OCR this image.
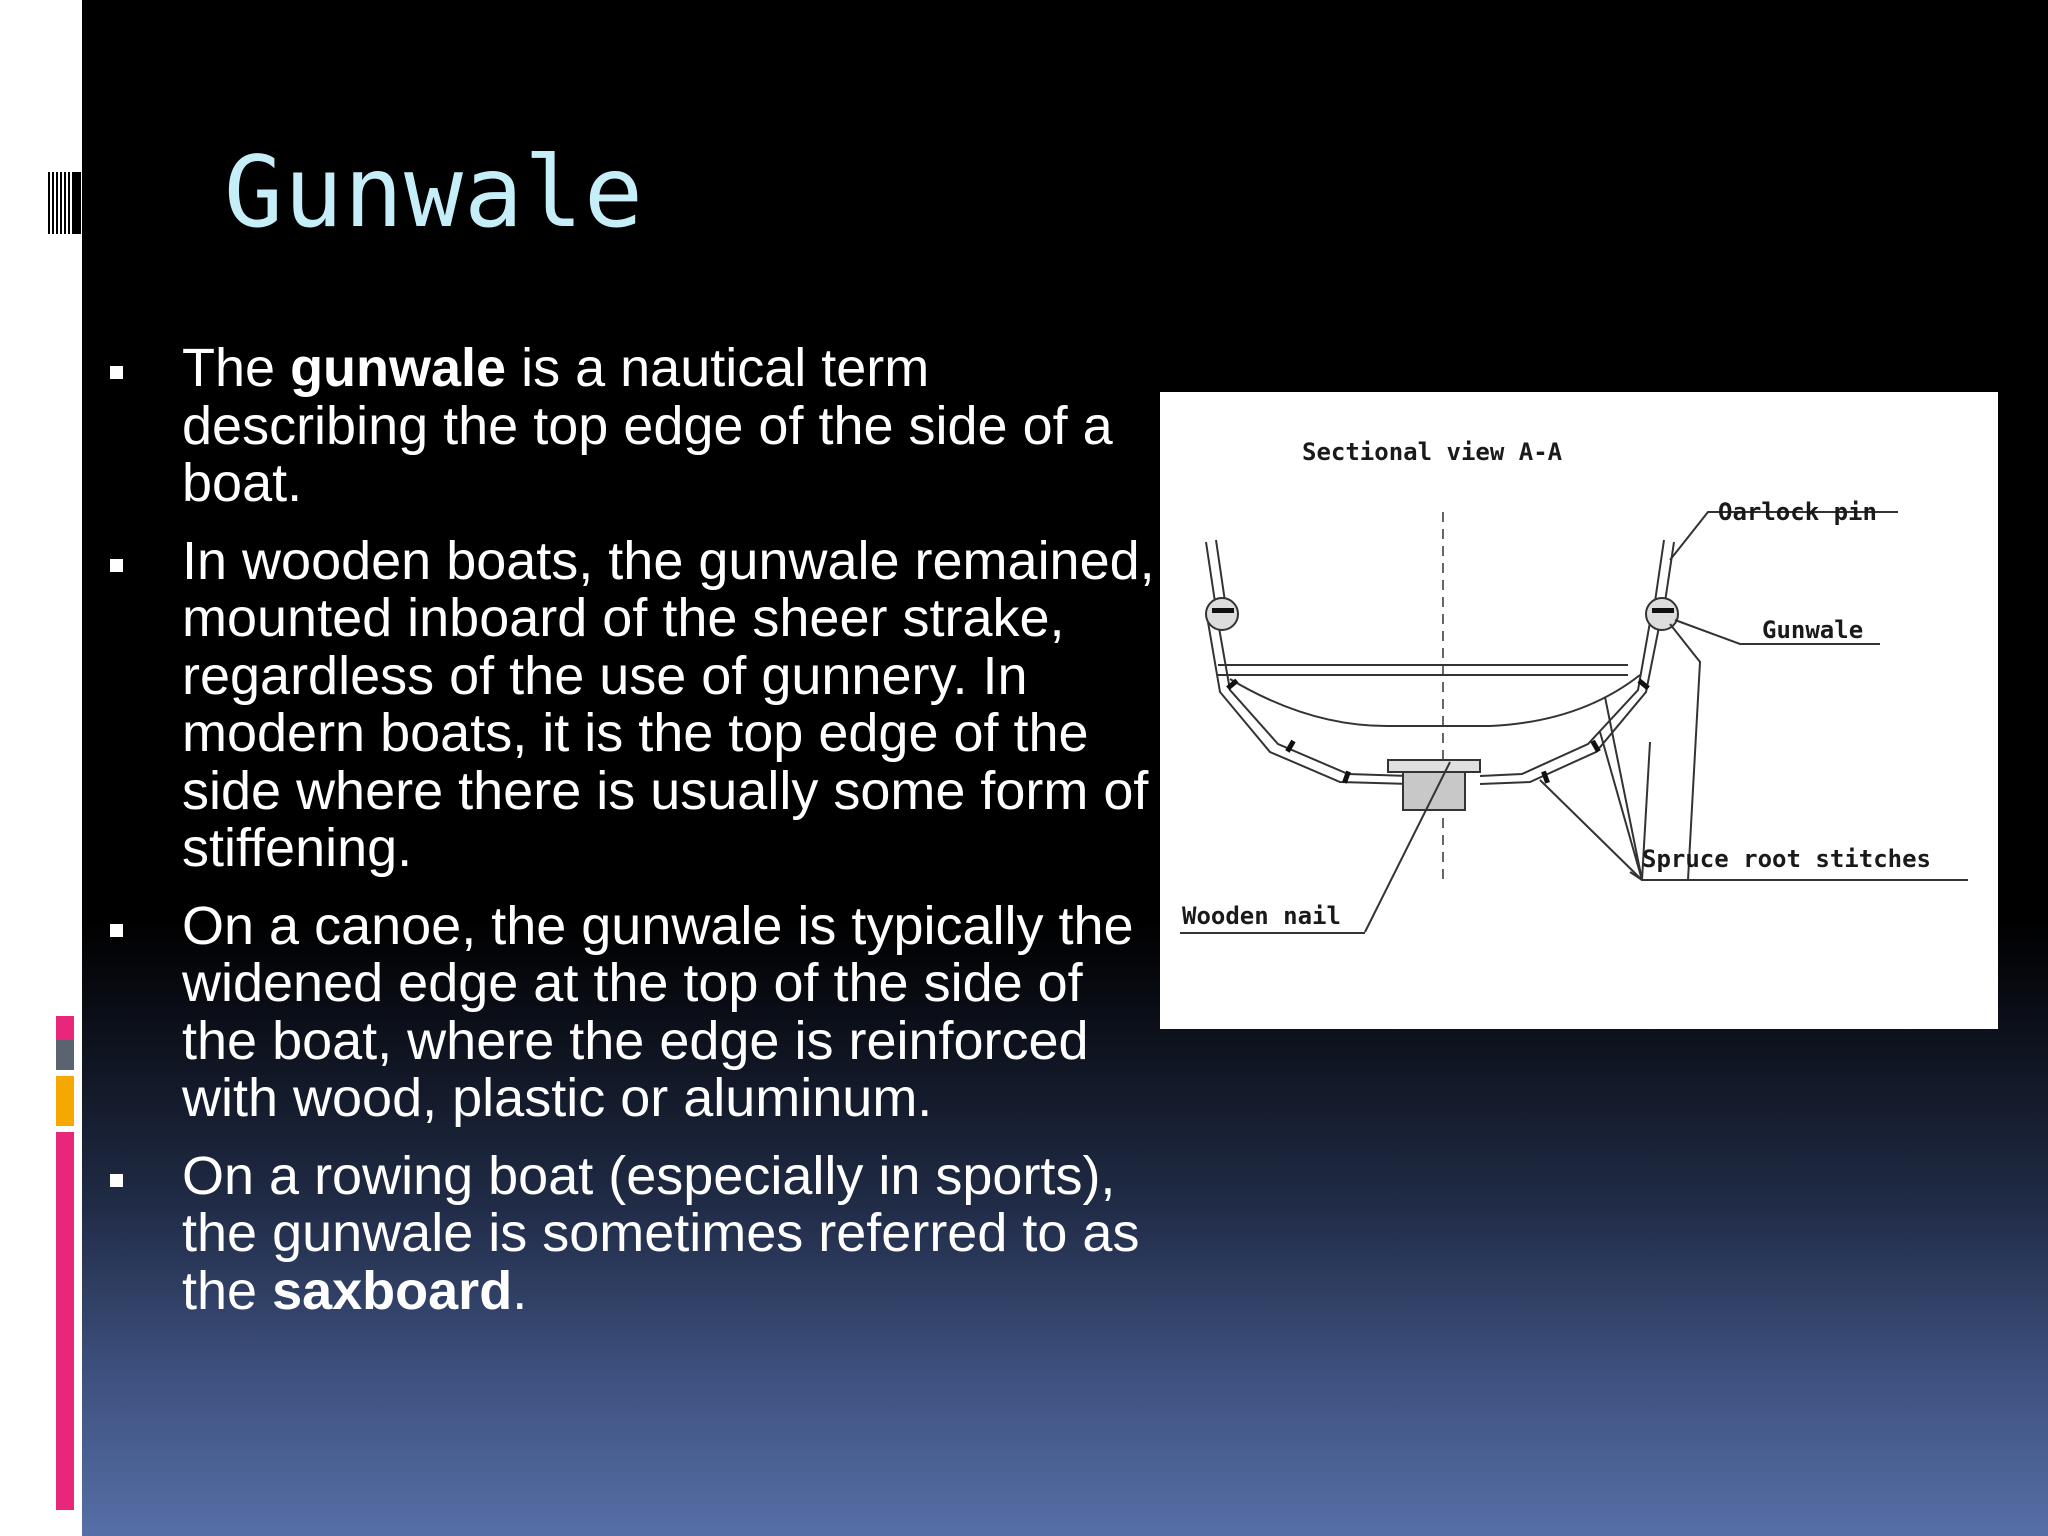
Gunwale
The gunwale is a nautical term describing the top edge of the side of a boat.
In wooden boats, the gunwale remained, mounted inboard of the sheer strake, regardless of the use of gunnery. In modern boats, it is the top edge of the side where there is usually some form of stiffening.
On a canoe, the gunwale is typically the widened edge at the top of the side of the boat, where the edge is reinforced with wood, plastic or aluminum.
On a rowing boat (especially in sports), the gunwale is sometimes referred to as the saxboard.
Sectional view A-A
Oarlock pin
Gunwale
Spruce root stitches
Wooden nail
